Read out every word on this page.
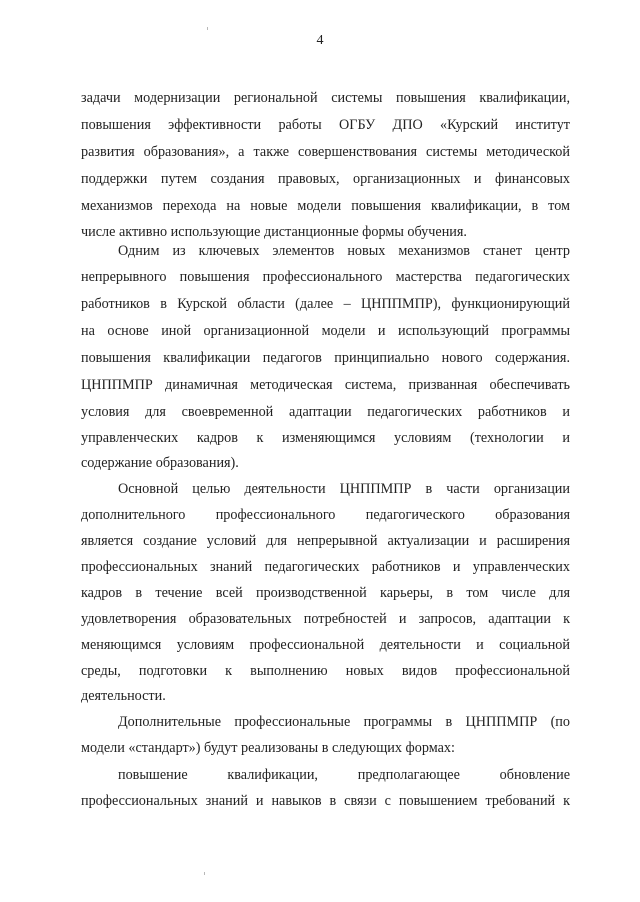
4
задачи модернизации региональной системы повышения квалификации,
повышения эффективности работы ОГБУ ДПО «Курский институт
развития образования», а также совершенствования системы методической
поддержки путем создания правовых, организационных и финансовых
механизмов перехода на новые модели повышения квалификации, в том
числе активно использующие дистанционные формы обучения.
Одним из ключевых элементов новых механизмов станет центр
непрерывного повышения профессионального мастерства педагогических
работников в Курской области (далее – ЦНППМПР), функционирующий
на основе иной организационной модели и использующий программы
повышения квалификации педагогов принципиально нового содержания.
ЦНППМПР динамичная методическая система, призванная обеспечивать
условия для своевременной адаптации педагогических работников и
управленческих кадров к изменяющимся условиям (технологии и
содержание образования).
Основной целью деятельности ЦНППМПР в части организации
дополнительного профессионального педагогического образования
является создание условий для непрерывной актуализации и расширения
профессиональных знаний педагогических работников и управленческих
кадров в течение всей производственной карьеры, в том числе для
удовлетворения образовательных потребностей и запросов, адаптации к
меняющимся условиям профессиональной деятельности и социальной
среды, подготовки к выполнению новых видов профессиональной
деятельности.
Дополнительные профессиональные программы в ЦНППМПР (по
модели «стандарт») будут реализованы в следующих формах:
повышение квалификации, предполагающее обновление
профессиональных знаний и навыков в связи с повышением требований к
